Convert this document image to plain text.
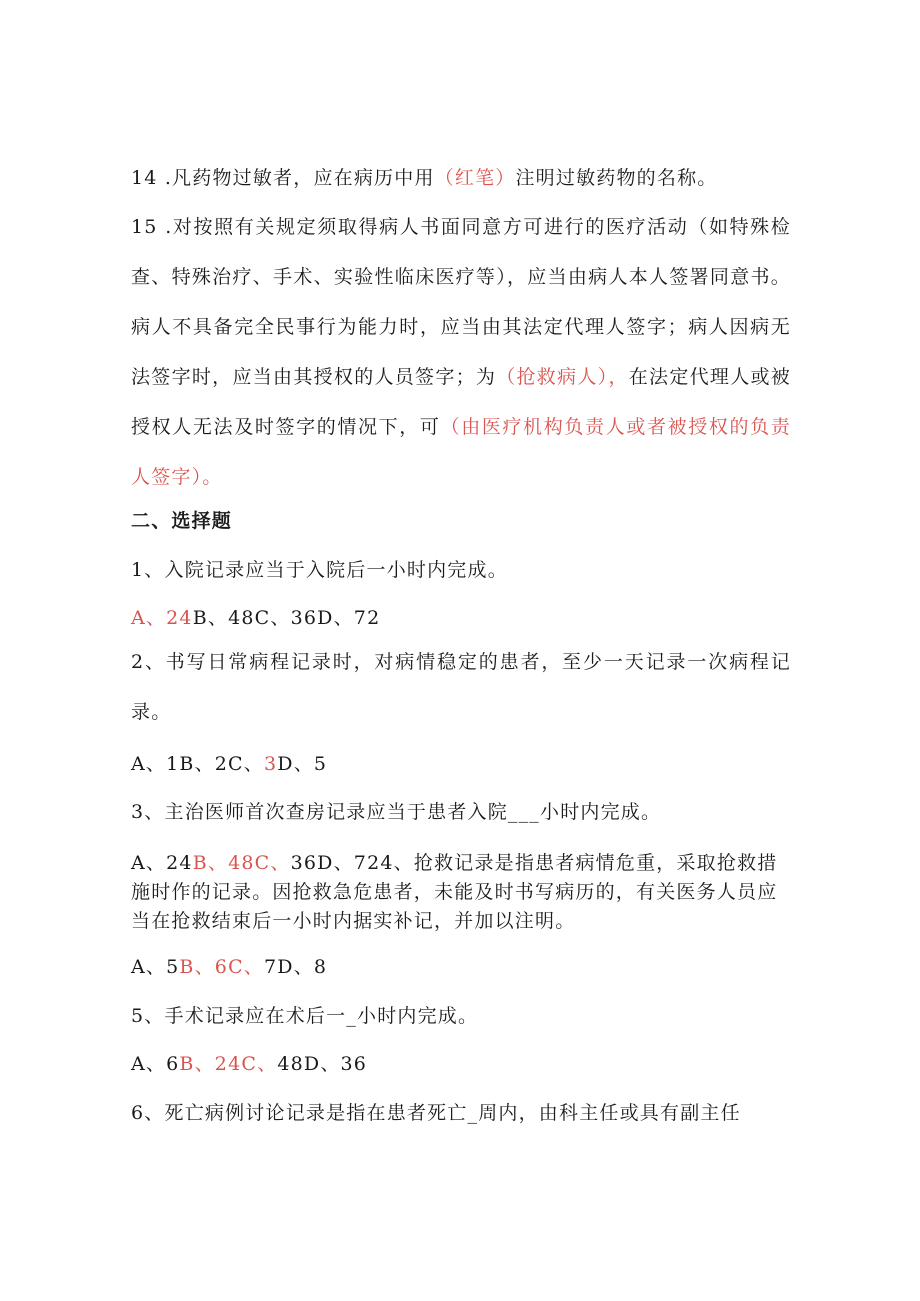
14 .凡药物过敏者，应在病历中用（红笔）注明过敏药物的名称。
15 .对按照有关规定须取得病人书面同意方可进行的医疗活动（如特殊检查、特殊治疗、手术、实验性临床医疗等），应当由病人本人签署同意书。病人不具备完全民事行为能力时，应当由其法定代理人签字；病人因病无法签字时，应当由其授权的人员签字；为（抢救病人），在法定代理人或被授权人无法及时签字的情况下，可（由医疗机构负责人或者被授权的负责人签字）。
二、选择题
1、入院记录应当于入院后一小时内完成。
A、24B、48C、36D、72
2、书写日常病程记录时，对病情稳定的患者，至少一天记录一次病程记录。
A、1B、2C、3D、5
3、主治医师首次查房记录应当于患者入院___小时内完成。
A、24B、48C、36D、724、抢救记录是指患者病情危重，采取抢救措施时作的记录。因抢救急危患者，未能及时书写病历的，有关医务人员应当在抢救结束后一小时内据实补记，并加以注明。
A、5B、6C、7D、8
5、手术记录应在术后一_小时内完成。
A、6B、24C、48D、36
6、死亡病例讨论记录是指在患者死亡_周内，由科主任或具有副主任
